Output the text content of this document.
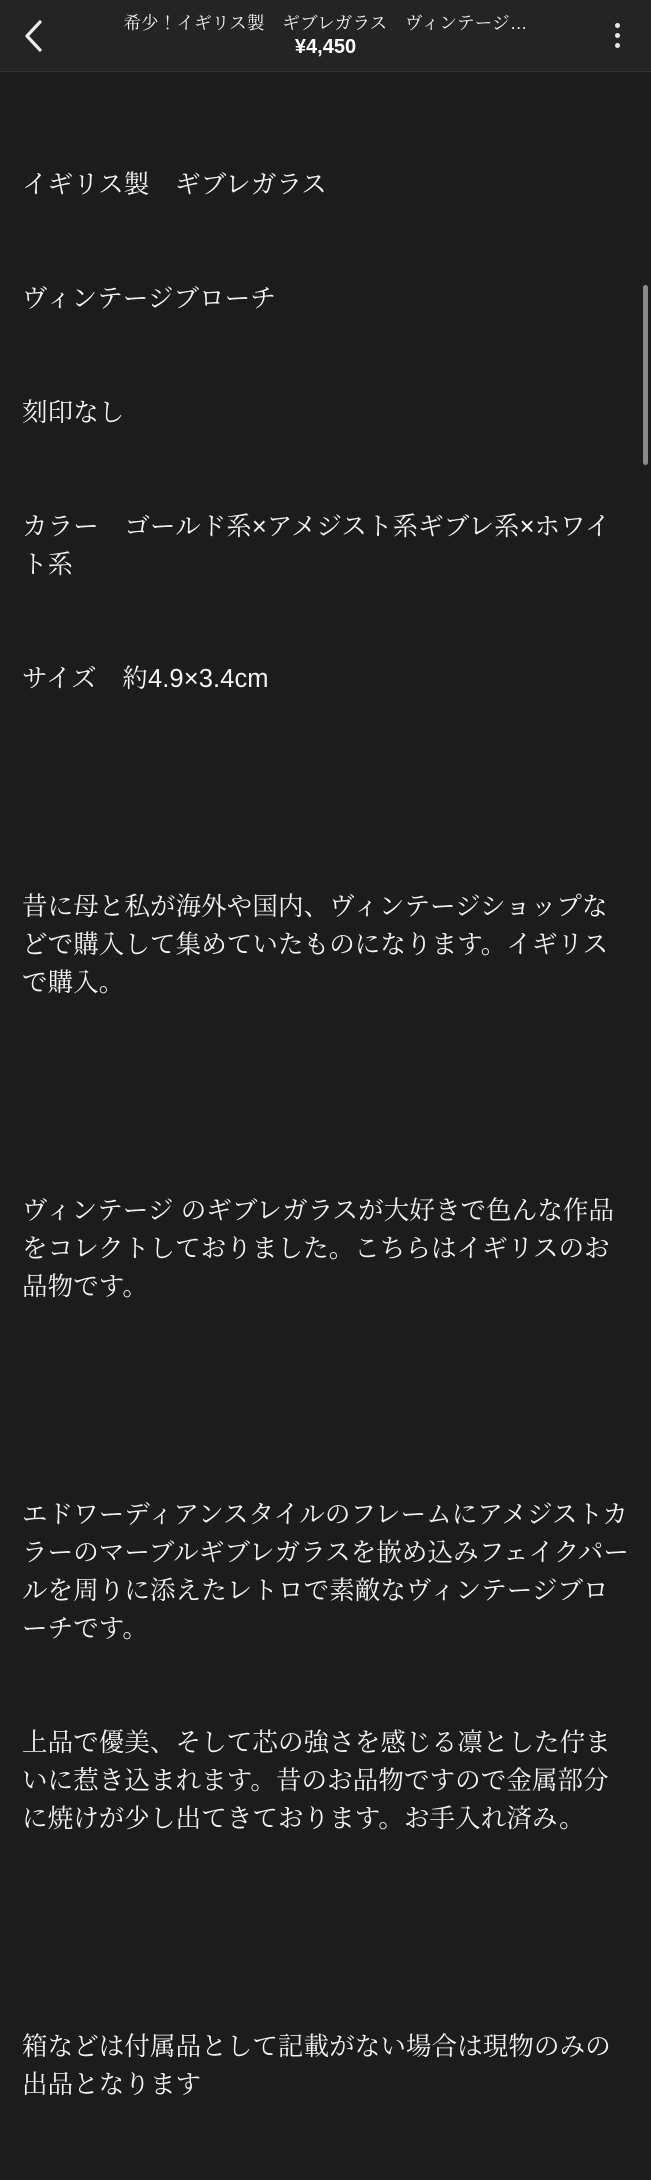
希少！イギリス製　ギブレガラス　ヴィンテージ…
¥4,450

イギリス製　ギブレガラス

ヴィンテージブローチ

刻印なし

カラー　ゴールド系×アメジスト系ギブレ系×ホワイト系

サイズ　約4.9×3.4cm

昔に母と私が海外や国内、ヴィンテージショップなどで購入して集めていたものになります。イギリスで購入。

ヴィンテージ のギブレガラスが大好きで色んな作品をコレクトしておりました。こちらはイギリスのお品物です。

エドワーディアンスタイルのフレームにアメジストカラーのマーブルギブレガラスを嵌め込みフェイクパールを周りに添えたレトロで素敵なヴィンテージブローチです。

上品で優美、そして芯の強さを感じる凛とした佇まいに惹き込まれます。昔のお品物ですので金属部分に焼けが少し出てきております。お手入れ済み。

箱などは付属品として記載がない場合は現物のみの出品となります
